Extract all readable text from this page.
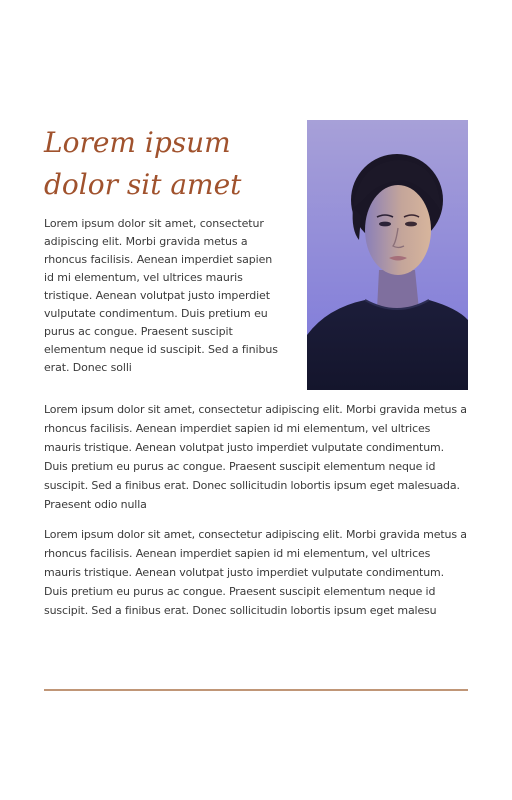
Lorem ipsum dolor sit amet

Lorem ipsum dolor sit amet, consectetur adipiscing elit. Morbi gravida metus a rhoncus facilisis. Aenean imperdiet sapien id mi elementum, vel ultrices mauris tristique. Aenean volutpat justo imperdiet vulputate condimentum. Duis pretium eu purus ac congue. Praesent suscipit elementum neque id suscipit. Sed a finibus erat. Donec solli

Lorem ipsum dolor sit amet, consectetur adipiscing elit. Morbi gravida metus a rhoncus facilisis. Aenean imperdiet sapien id mi elementum, vel ultrices mauris tristique. Aenean volutpat justo imperdiet vulputate condimentum. Duis pretium eu purus ac congue. Praesent suscipit elementum neque id suscipit. Sed a finibus erat. Donec sollicitudin lobortis ipsum eget malesuada. Praesent odio nulla

Lorem ipsum dolor sit amet, consectetur adipiscing elit. Morbi gravida metus a rhoncus facilisis. Aenean imperdiet sapien id mi elementum, vel ultrices mauris tristique. Aenean volutpat justo imperdiet vulputate condimentum. Duis pretium eu purus ac congue. Praesent suscipit elementum neque id suscipit. Sed a finibus erat. Donec sollicitudin lobortis ipsum eget malesu
